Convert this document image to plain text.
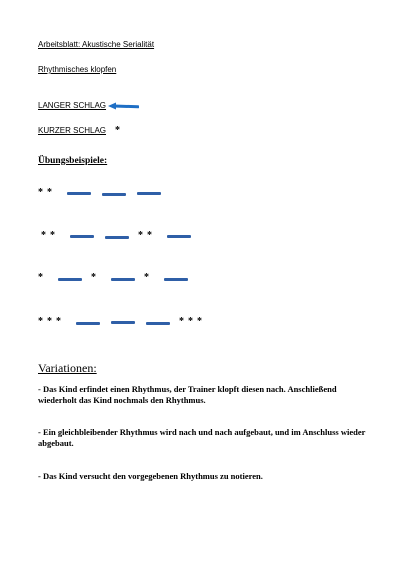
Arbeitsblatt: Akustische Serialität
Rhythmisches klopfen
LANGER SCHLAG
KURZER SCHLAG *
Übungsbeispiele:
* *
* *	* *
*	*	*
* * *	* * *
Variationen:
- Das Kind erfindet einen Rhythmus, der Trainer klopft diesen nach. Anschließend wiederholt das Kind nochmals den Rhythmus.
- Ein gleichbleibender Rhythmus wird nach und nach aufgebaut, und im Anschluss wieder abgebaut.
- Das Kind versucht den vorgegebenen Rhythmus zu notieren.
